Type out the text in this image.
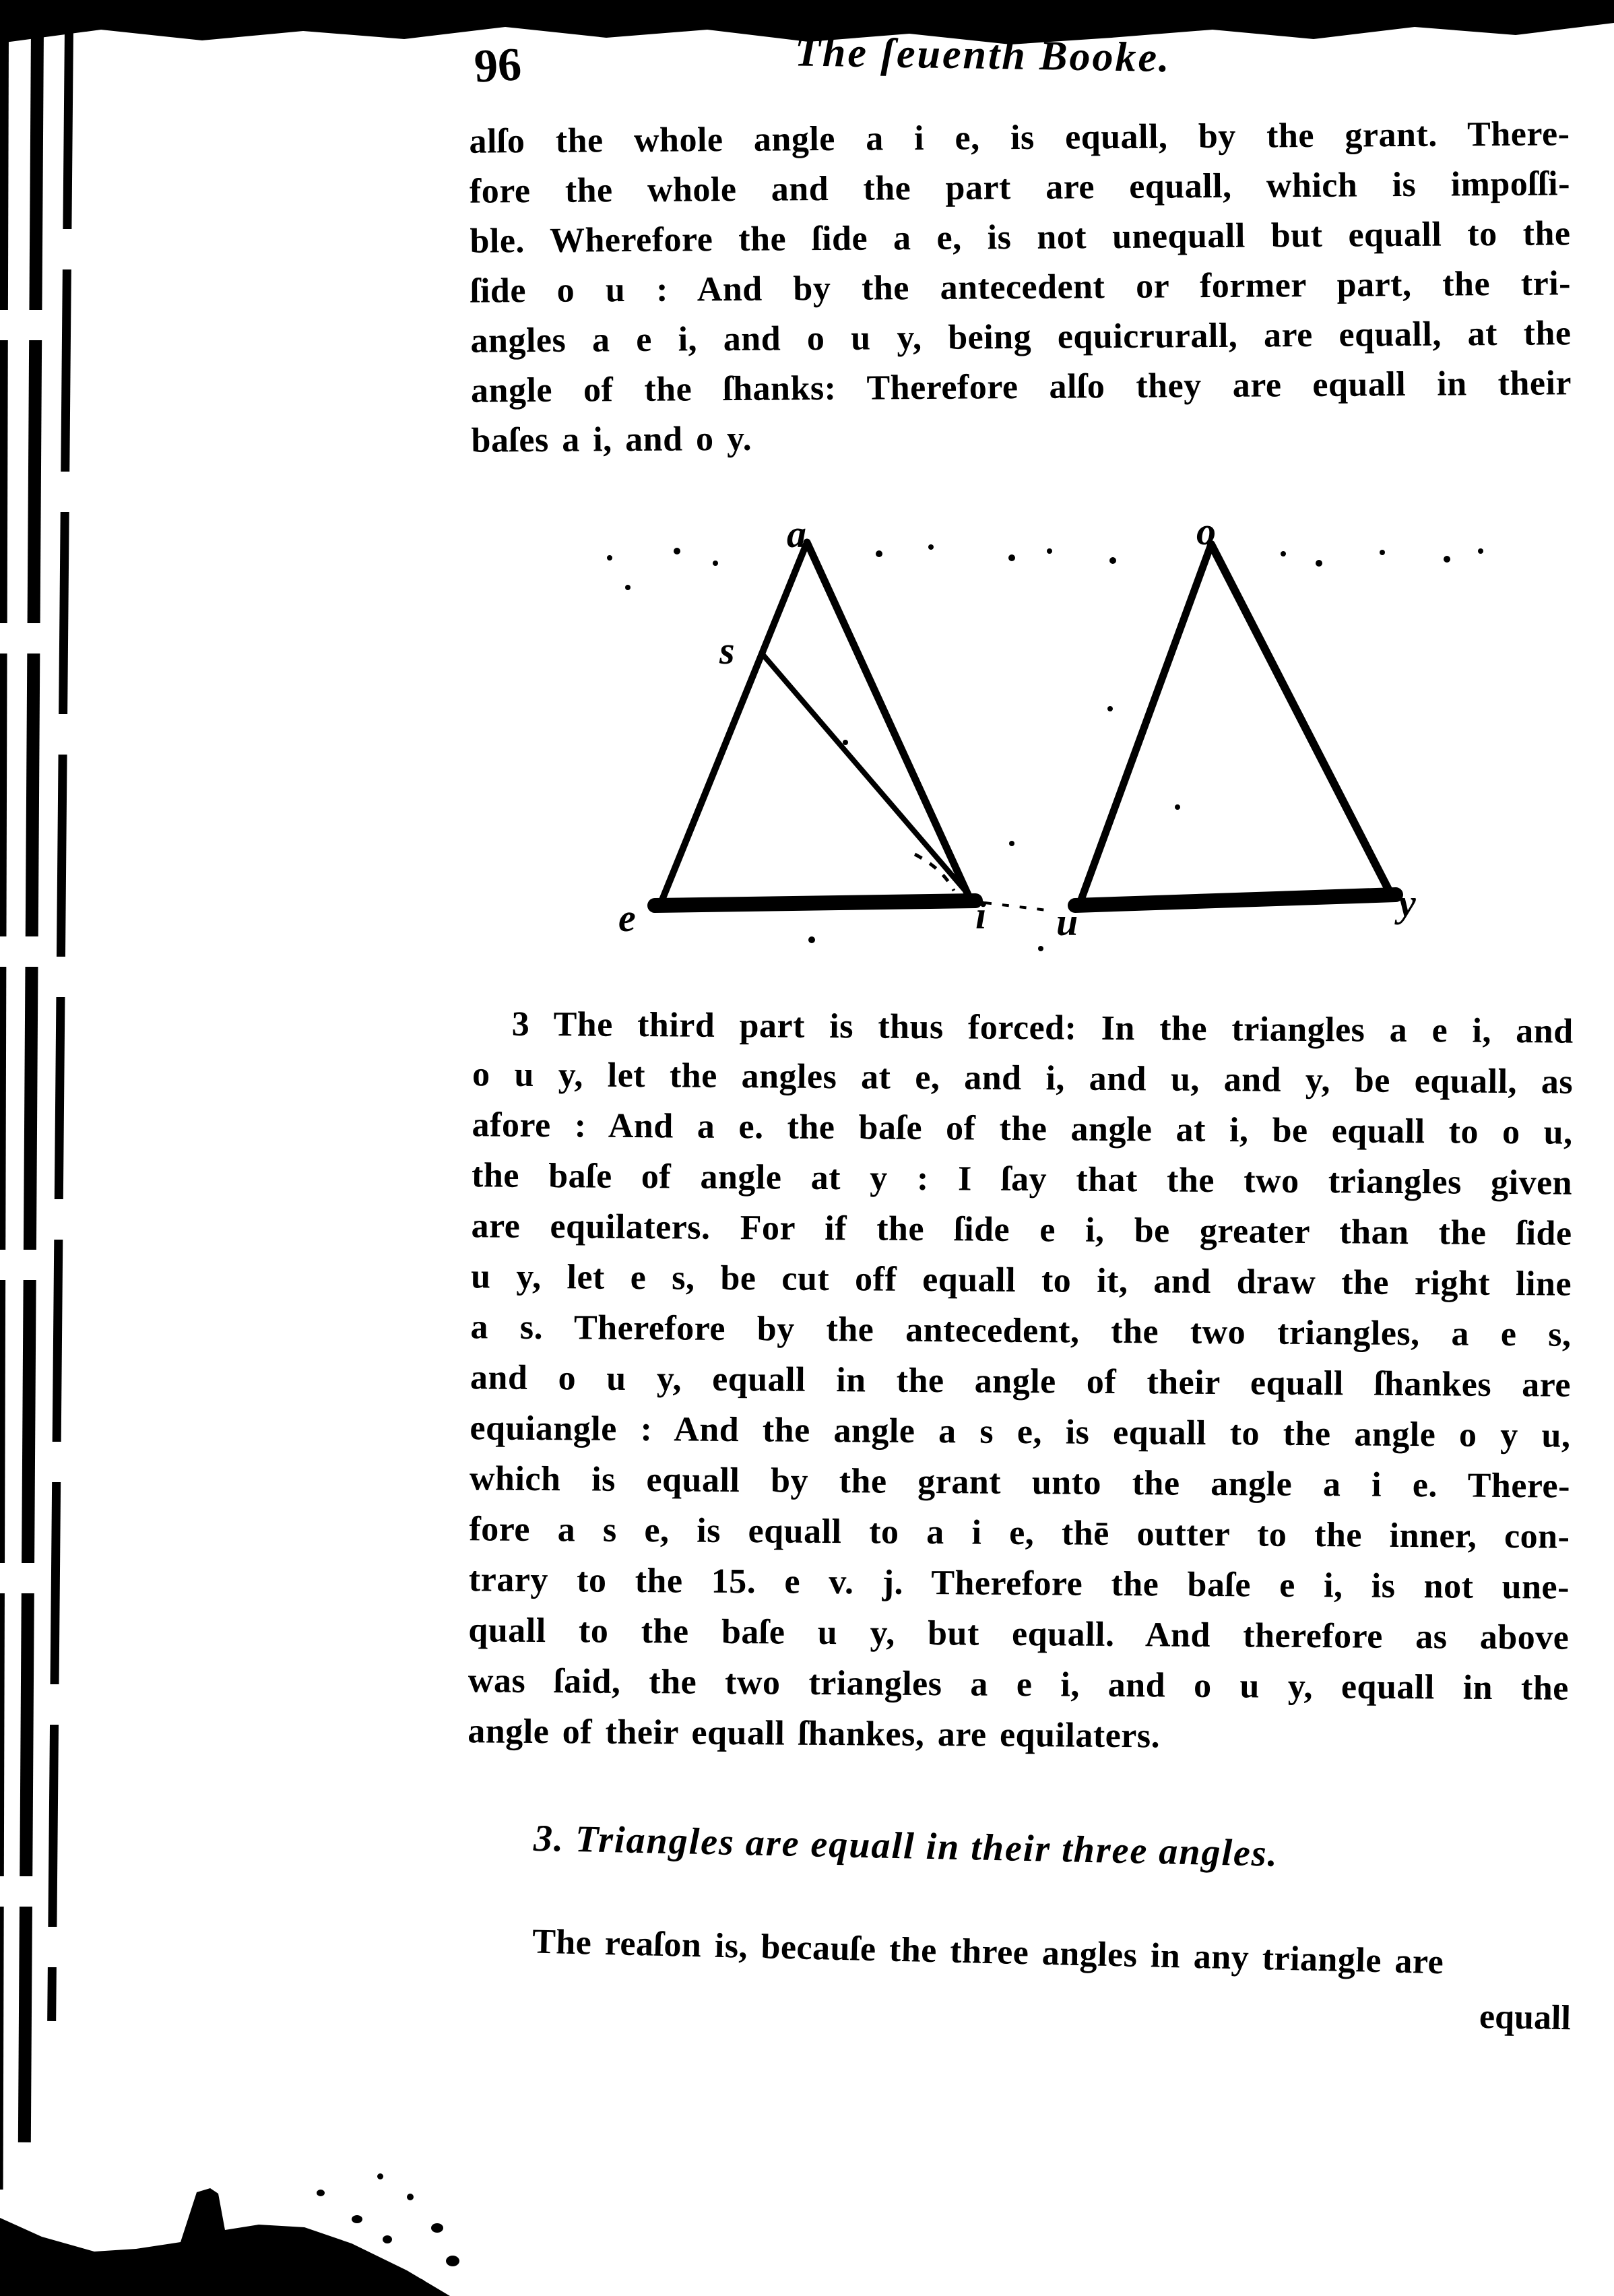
96	The ſeuenth Booke.
alſo the whole angle a i e, is equall, by the grant. There-
fore the whole and the part are equall, which is impoſſi-
ble. Wherefore the ſide a e, is not unequall but equall to the
ſide o u : And by the antecedent or former part, the tri-
angles a e i, and o u y, being equicrurall, are equall, at the
angle of the ſhanks: Therefore alſo they are equall in their
baſes a i, and o y.
a
s
e	i
o
u	y
3 The third part is thus forced: In the triangles a e i, and
o u y, let the angles at e, and i, and u, and y, be equall, as
afore : And a e. the baſe of the angle at i, be equall to o u,
the baſe of angle at y : I ſay that the two triangles given
are equilaters. For if the ſide e i, be greater than the ſide
u y, let e s, be cut off equall to it, and draw the right line
a s. Therefore by the antecedent, the two triangles, a e s,
and o u y, equall in the angle of their equall ſhankes are
equiangle : And the angle a s e, is equall to the angle o y u,
which is equall by the grant unto the angle a i e. There-
fore a s e, is equall to a i e, thē outter to the inner, con-
trary to the 15. e v. j. Therefore the baſe e i, is not une-
quall to the baſe u y, but equall. And therefore as above
was ſaid, the two triangles a e i, and o u y, equall in the
angle of their equall ſhankes, are equilaters.
3. Triangles are equall in their three angles.
The reaſon is, becauſe the three angles in any triangle are
equall
